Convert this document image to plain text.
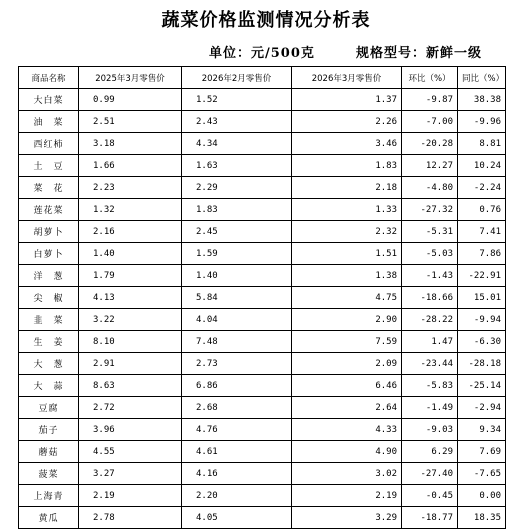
蔬菜价格监测情况分析表
单位：元/500克	规格型号：新鲜一级
商品名称	2025年3月零售价	2026年2月零售价	2026年3月零售价	环比（%）	同比（%）
大白菜	0.99	1.52	1.37	-9.87	38.38
油　菜	2.51	2.43	2.26	-7.00	-9.96
西红柿	3.18	4.34	3.46	-20.28	8.81
土　豆	1.66	1.63	1.83	12.27	10.24
菜　花	2.23	2.29	2.18	-4.80	-2.24
莲花菜	1.32	1.83	1.33	-27.32	0.76
胡萝卜	2.16	2.45	2.32	-5.31	7.41
白萝卜	1.40	1.59	1.51	-5.03	7.86
洋　葱	1.79	1.40	1.38	-1.43	-22.91
尖　椒	4.13	5.84	4.75	-18.66	15.01
韭　菜	3.22	4.04	2.90	-28.22	-9.94
生　姜	8.10	7.48	7.59	1.47	-6.30
大　葱	2.91	2.73	2.09	-23.44	-28.18
大　蒜	8.63	6.86	6.46	-5.83	-25.14
豆腐	2.72	2.68	2.64	-1.49	-2.94
茄子	3.96	4.76	4.33	-9.03	9.34
蘑菇	4.55	4.61	4.90	6.29	7.69
菠菜	3.27	4.16	3.02	-27.40	-7.65
上海青	2.19	2.20	2.19	-0.45	0.00
黄瓜	2.78	4.05	3.29	-18.77	18.35
